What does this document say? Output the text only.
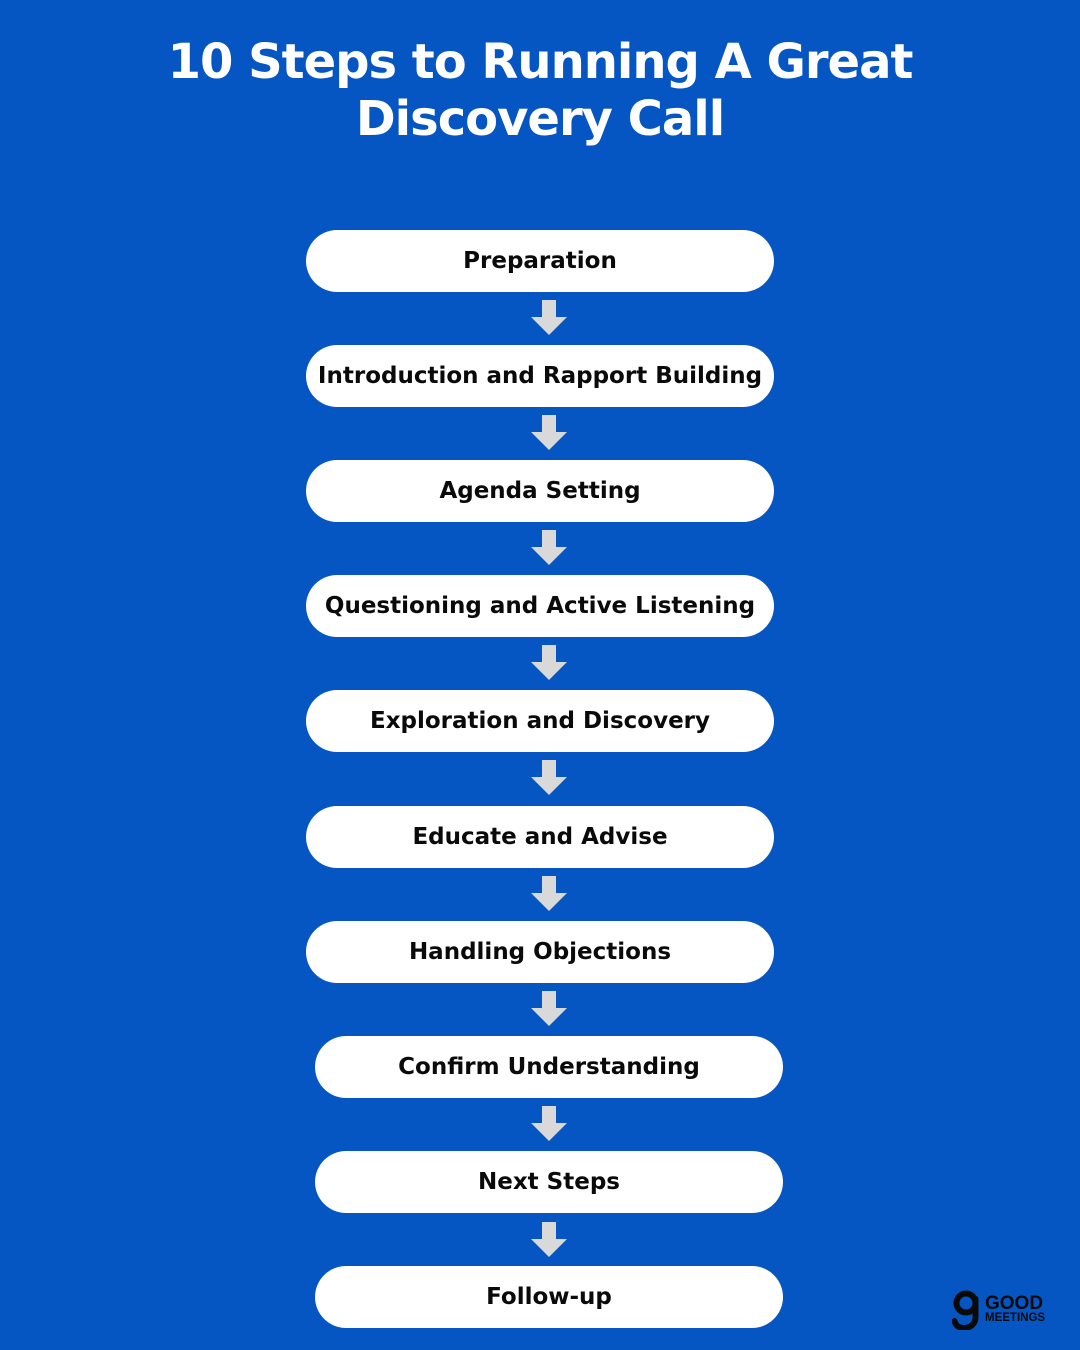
10 Steps to Running A Great
Discovery Call
Preparation
Introduction and Rapport Building
Agenda Setting
Questioning and Active Listening
Exploration and Discovery
Educate and Advise
Handling Objections
Confirm Understanding
Next Steps
Follow-up	GOOD
MEETINGS
